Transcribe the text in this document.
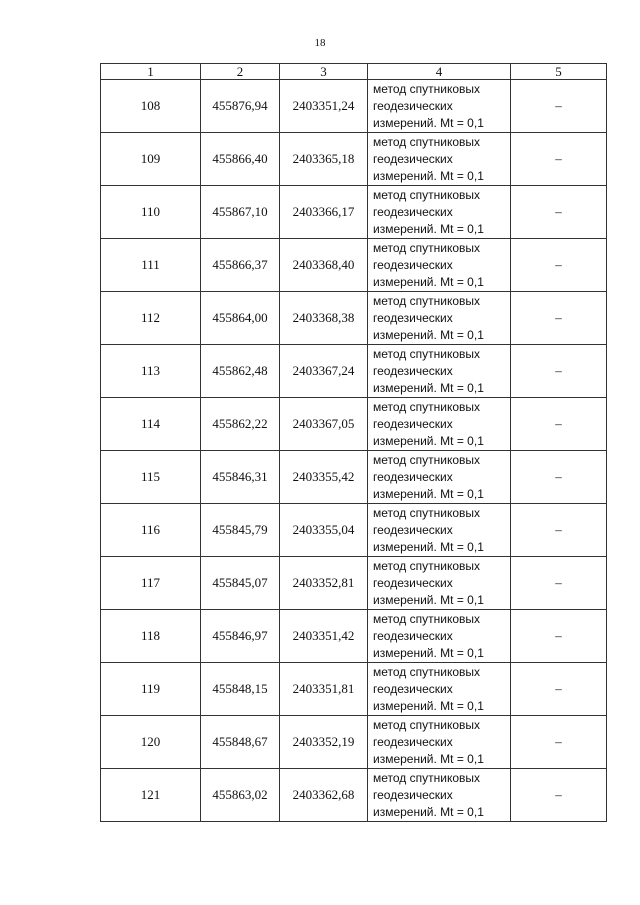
18
1	2	3	4	5
108	455876,94	2403351,24	метод спутниковых
геодезических
измерений. Mt = 0,1	–
109	455866,40	2403365,18	метод спутниковых
геодезических
измерений. Mt = 0,1	–
110	455867,10	2403366,17	метод спутниковых
геодезических
измерений. Mt = 0,1	–
111	455866,37	2403368,40	метод спутниковых
геодезических
измерений. Mt = 0,1	–
112	455864,00	2403368,38	метод спутниковых
геодезических
измерений. Mt = 0,1	–
113	455862,48	2403367,24	метод спутниковых
геодезических
измерений. Mt = 0,1	–
114	455862,22	2403367,05	метод спутниковых
геодезических
измерений. Mt = 0,1	–
115	455846,31	2403355,42	метод спутниковых
геодезических
измерений. Mt = 0,1	–
116	455845,79	2403355,04	метод спутниковых
геодезических
измерений. Mt = 0,1	–
117	455845,07	2403352,81	метод спутниковых
геодезических
измерений. Mt = 0,1	–
118	455846,97	2403351,42	метод спутниковых
геодезических
измерений. Mt = 0,1	–
119	455848,15	2403351,81	метод спутниковых
геодезических
измерений. Mt = 0,1	–
120	455848,67	2403352,19	метод спутниковых
геодезических
измерений. Mt = 0,1	–
121	455863,02	2403362,68	метод спутниковых
геодезических
измерений. Mt = 0,1	–
